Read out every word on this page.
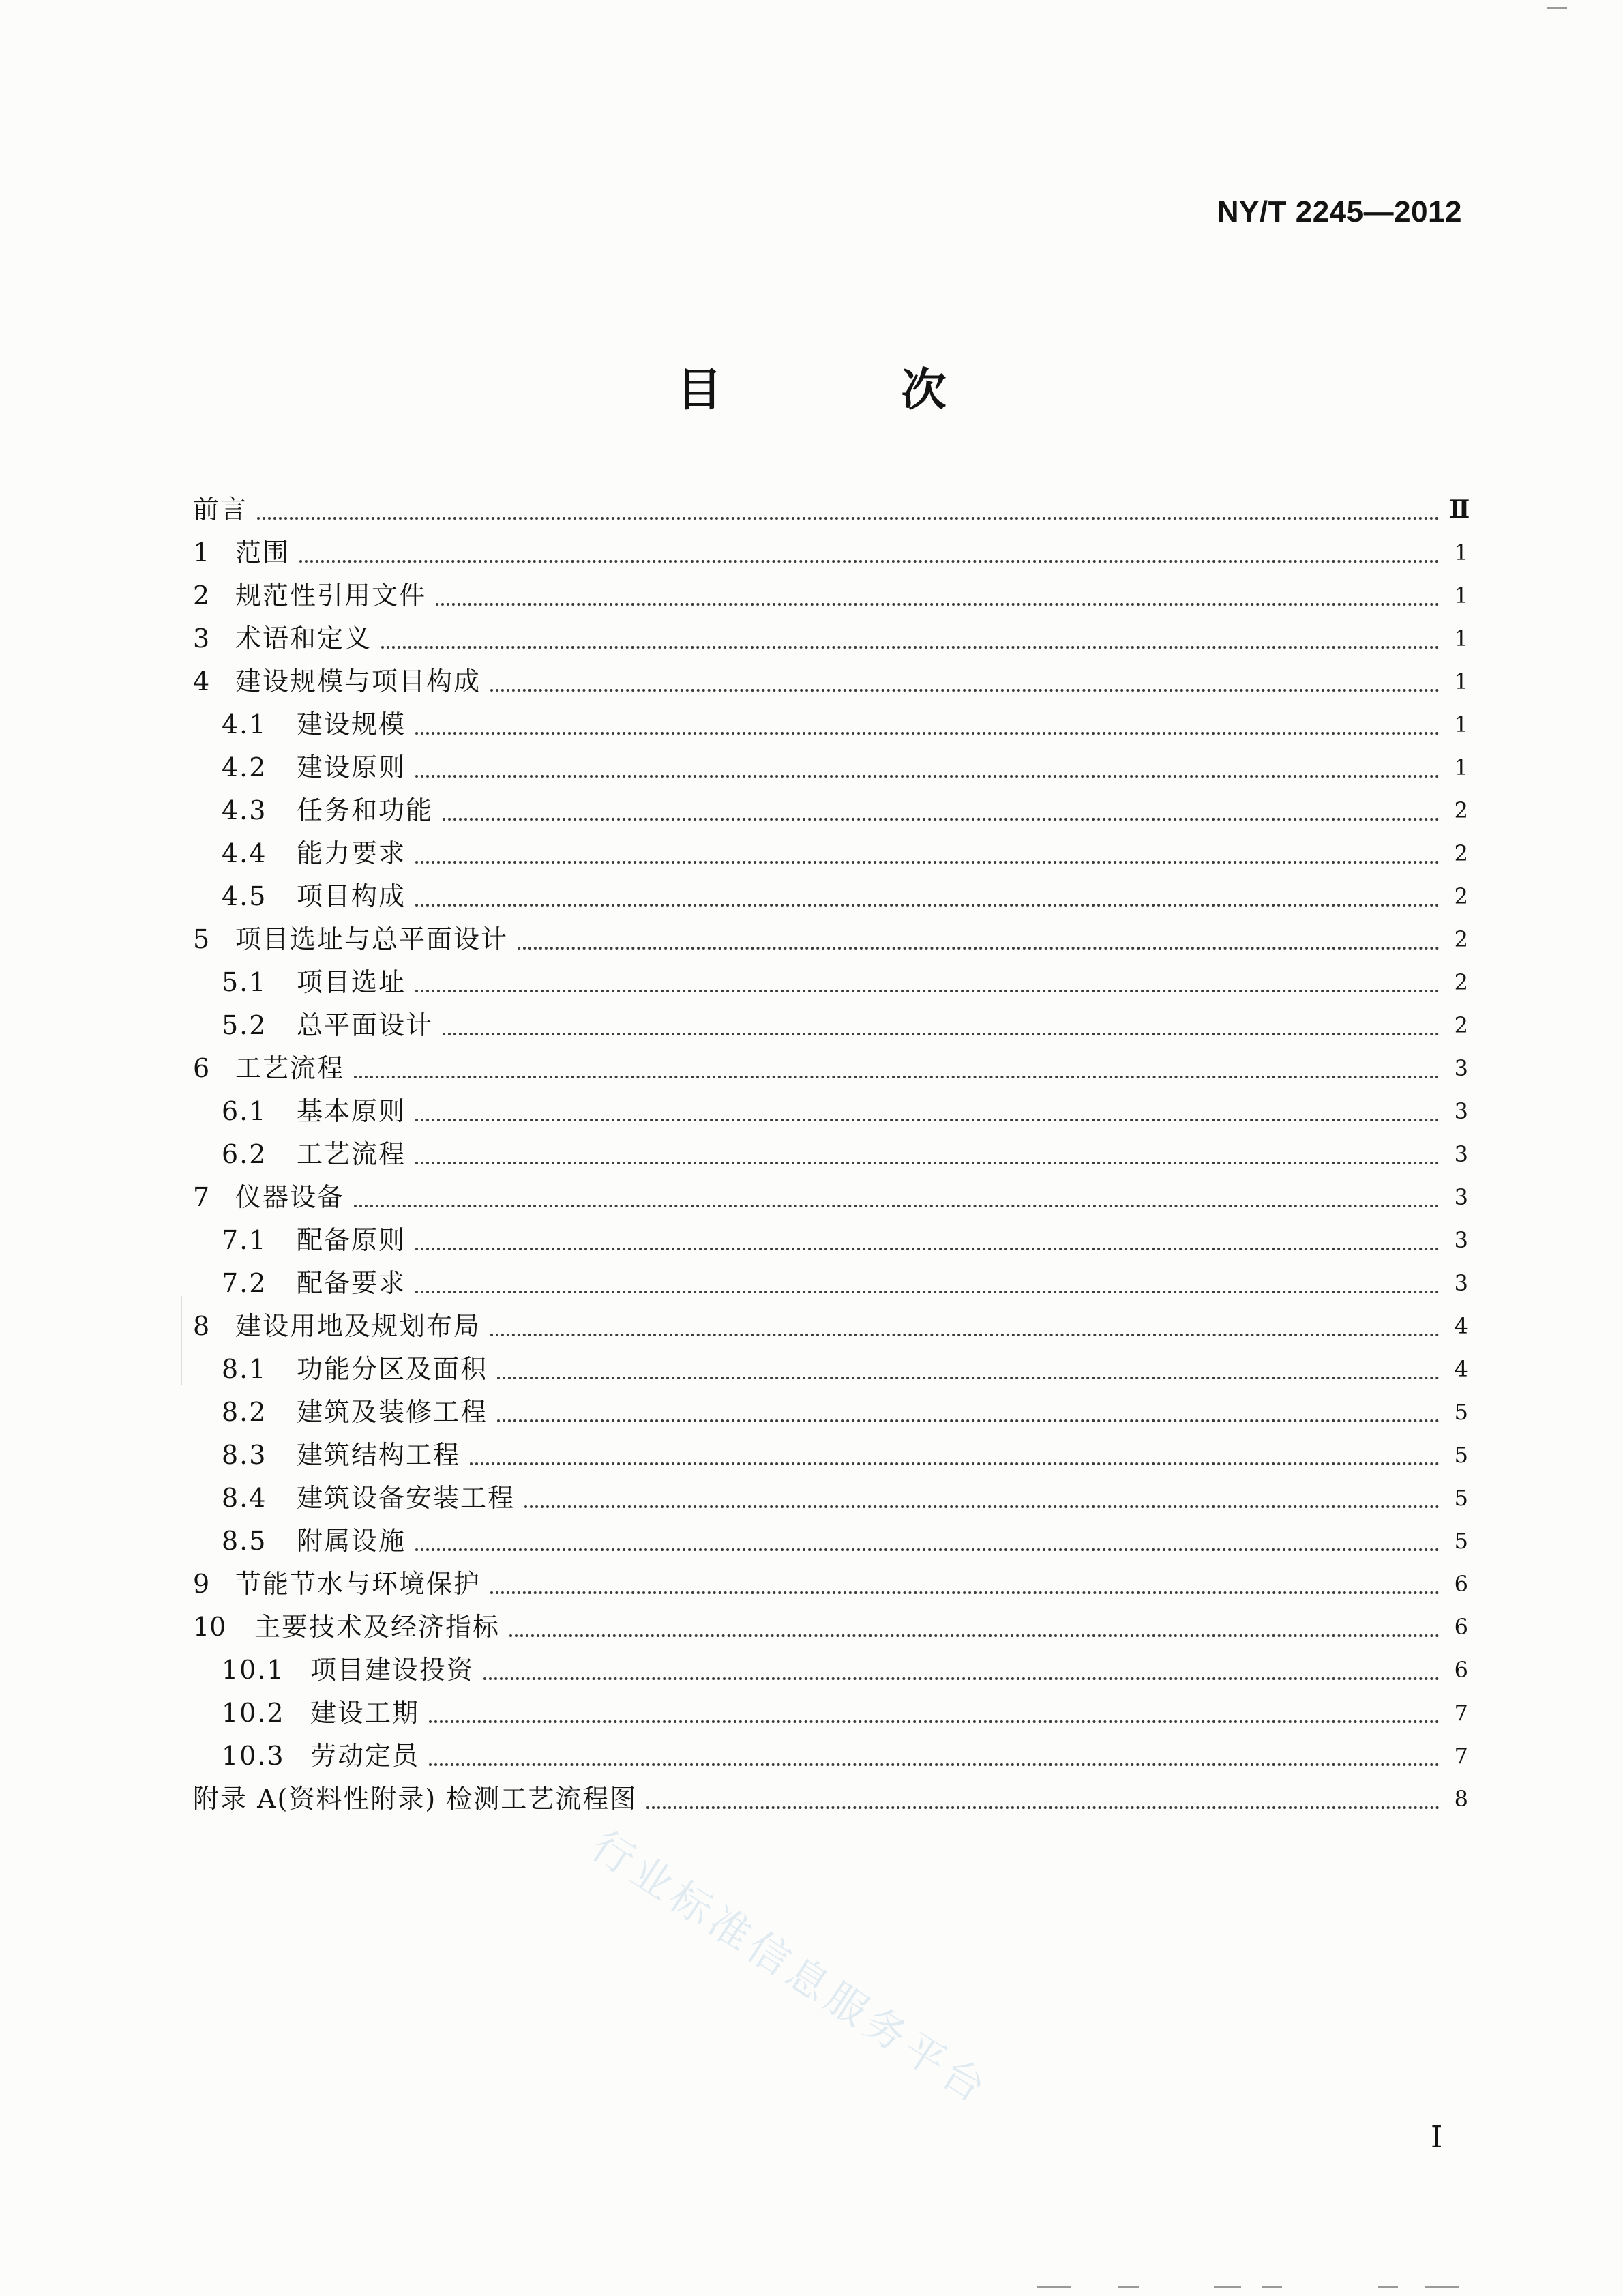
NY/T 2245—2012
目 次
前言	Ⅱ
1 范围	1
2 规范性引用文件	1
3 术语和定义	1
4 建设规模与项目构成	1
4.1	建设规模	1
4.2	建设原则	1
4.3	任务和功能	2
4.4	能力要求	2
4.5	项目构成	2
5 项目选址与总平面设计	2
5.1	项目选址	2
5.2	总平面设计	2
6 工艺流程	3
6.1	基本原则	3
6.2	工艺流程	3
7 仪器设备	3
7.1	配备原则	3
7.2	配备要求	3
8 建设用地及规划布局	4
8.1	功能分区及面积	4
8.2	建筑及装修工程	5
8.3	建筑结构工程	5
8.4	建筑设备安装工程	5
8.5	附属设施	5
9 节能节水与环境保护	6
10	主要技术及经济指标	6
10.1 项目建设投资	6
10.2 建设工期	7
10.3 劳动定员	7
附录 A(资料性附录) 检测工艺流程图	8
I
行业标准信息服务平台
